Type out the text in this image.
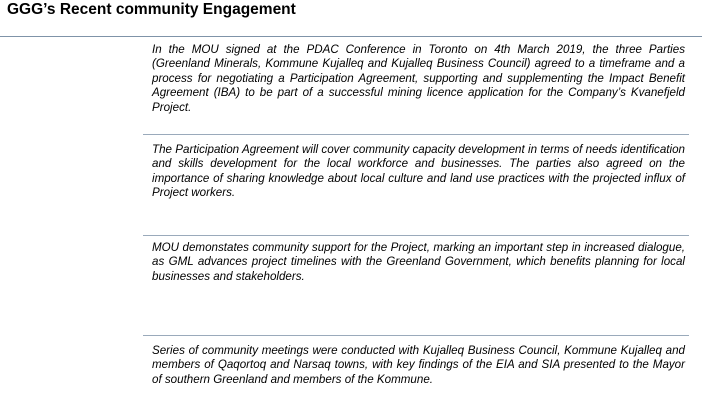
GGG’s Recent community Engagement

In the MOU signed at the PDAC Conference in Toronto on 4th March 2019, the three Parties (Greenland Minerals, Kommune Kujalleq and Kujalleq Business Council) agreed to a timeframe and a process for negotiating a Participation Agreement, supporting and supplementing the Impact Benefit Agreement (IBA) to be part of a successful mining licence application for the Company’s Kvanefjeld Project.

The Participation Agreement will cover community capacity development in terms of needs identification and skills development for the local workforce and businesses. The parties also agreed on the importance of sharing knowledge about local culture and land use practices with the projected influx of Project workers.

MOU demonstates community support for the Project, marking an important step in increased dialogue, as GML advances project timelines with the Greenland Government, which benefits planning for local businesses and stakeholders.

Series of community meetings were conducted with Kujalleq Business Council, Kommune Kujalleq and members of Qaqortoq and Narsaq towns, with key findings of the EIA and SIA presented to the Mayor of southern Greenland and members of the Kommune.
